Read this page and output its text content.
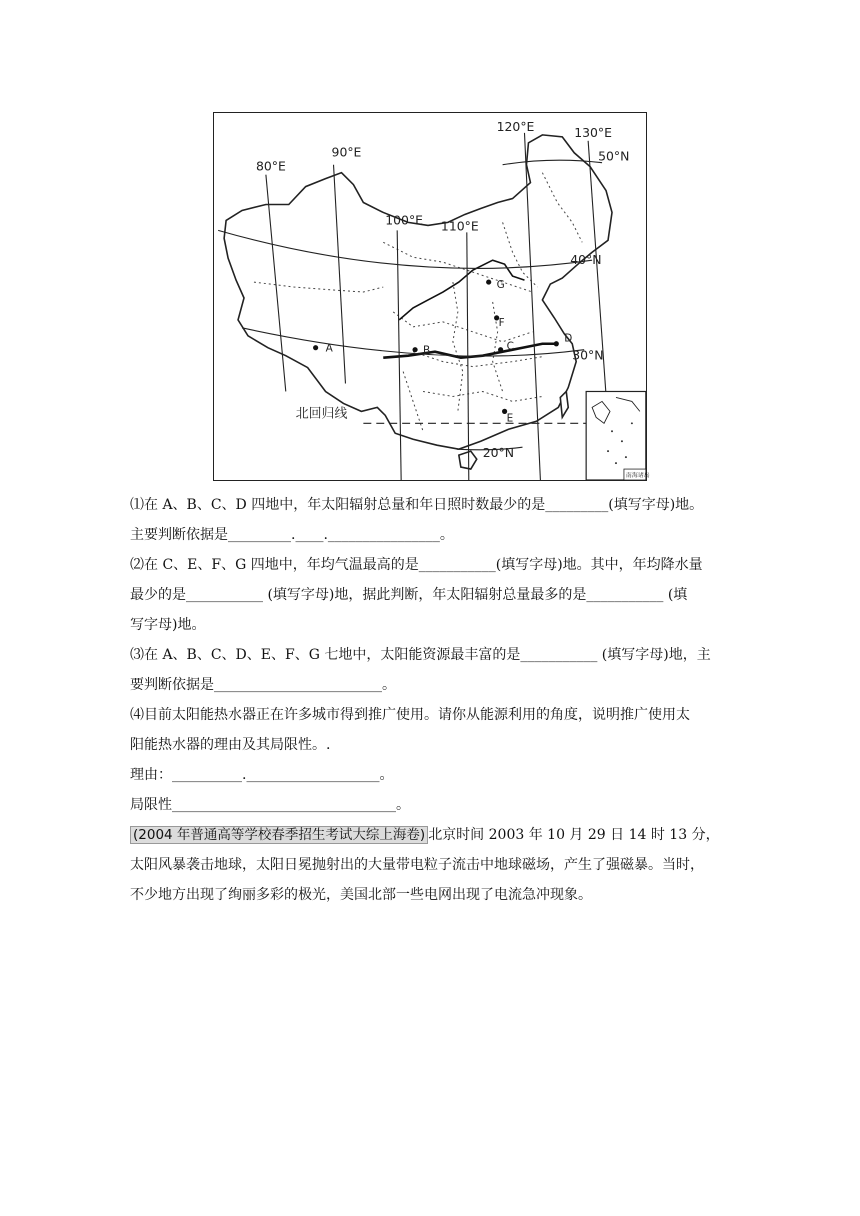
80°E
90°E
100°E 110°E
120°E	130°E
50°N
40°N
30°N
20°N
A	B	C
D
E
F
G
北回归线
南海诸岛
⑴在 A、B、C、D 四地中，年太阳辐射总量和年日照时数最少的是_________(填写字母)地。
主要判断依据是_________.____.________________。
⑵在 C、E、F、G 四地中，年均气温最高的是___________(填写字母)地。其中，年均降水量
最少的是___________ (填写字母)地，据此判断，年太阳辐射总量最多的是___________ (填
写字母)地。
⑶在 A、B、C、D、E、F、G 七地中，太阳能资源最丰富的是___________ (填写字母)地，主
要判断依据是________________________。
⑷目前太阳能热水器正在许多城市得到推广使用。请你从能源利用的角度，说明推广使用太
阳能热水器的理由及其局限性。.
理由：__________.___________________。
局限性________________________________。
(2004 年普通高等学校春季招生考试大综上海卷) 北京时间 2003 年 10 月 29 日 14 时 13 分，
太阳风暴袭击地球，太阳日冕抛射出的大量带电粒子流击中地球磁场，产生了强磁暴。当时，
不少地方出现了绚丽多彩的极光，美国北部一些电网出现了电流急冲现象。
